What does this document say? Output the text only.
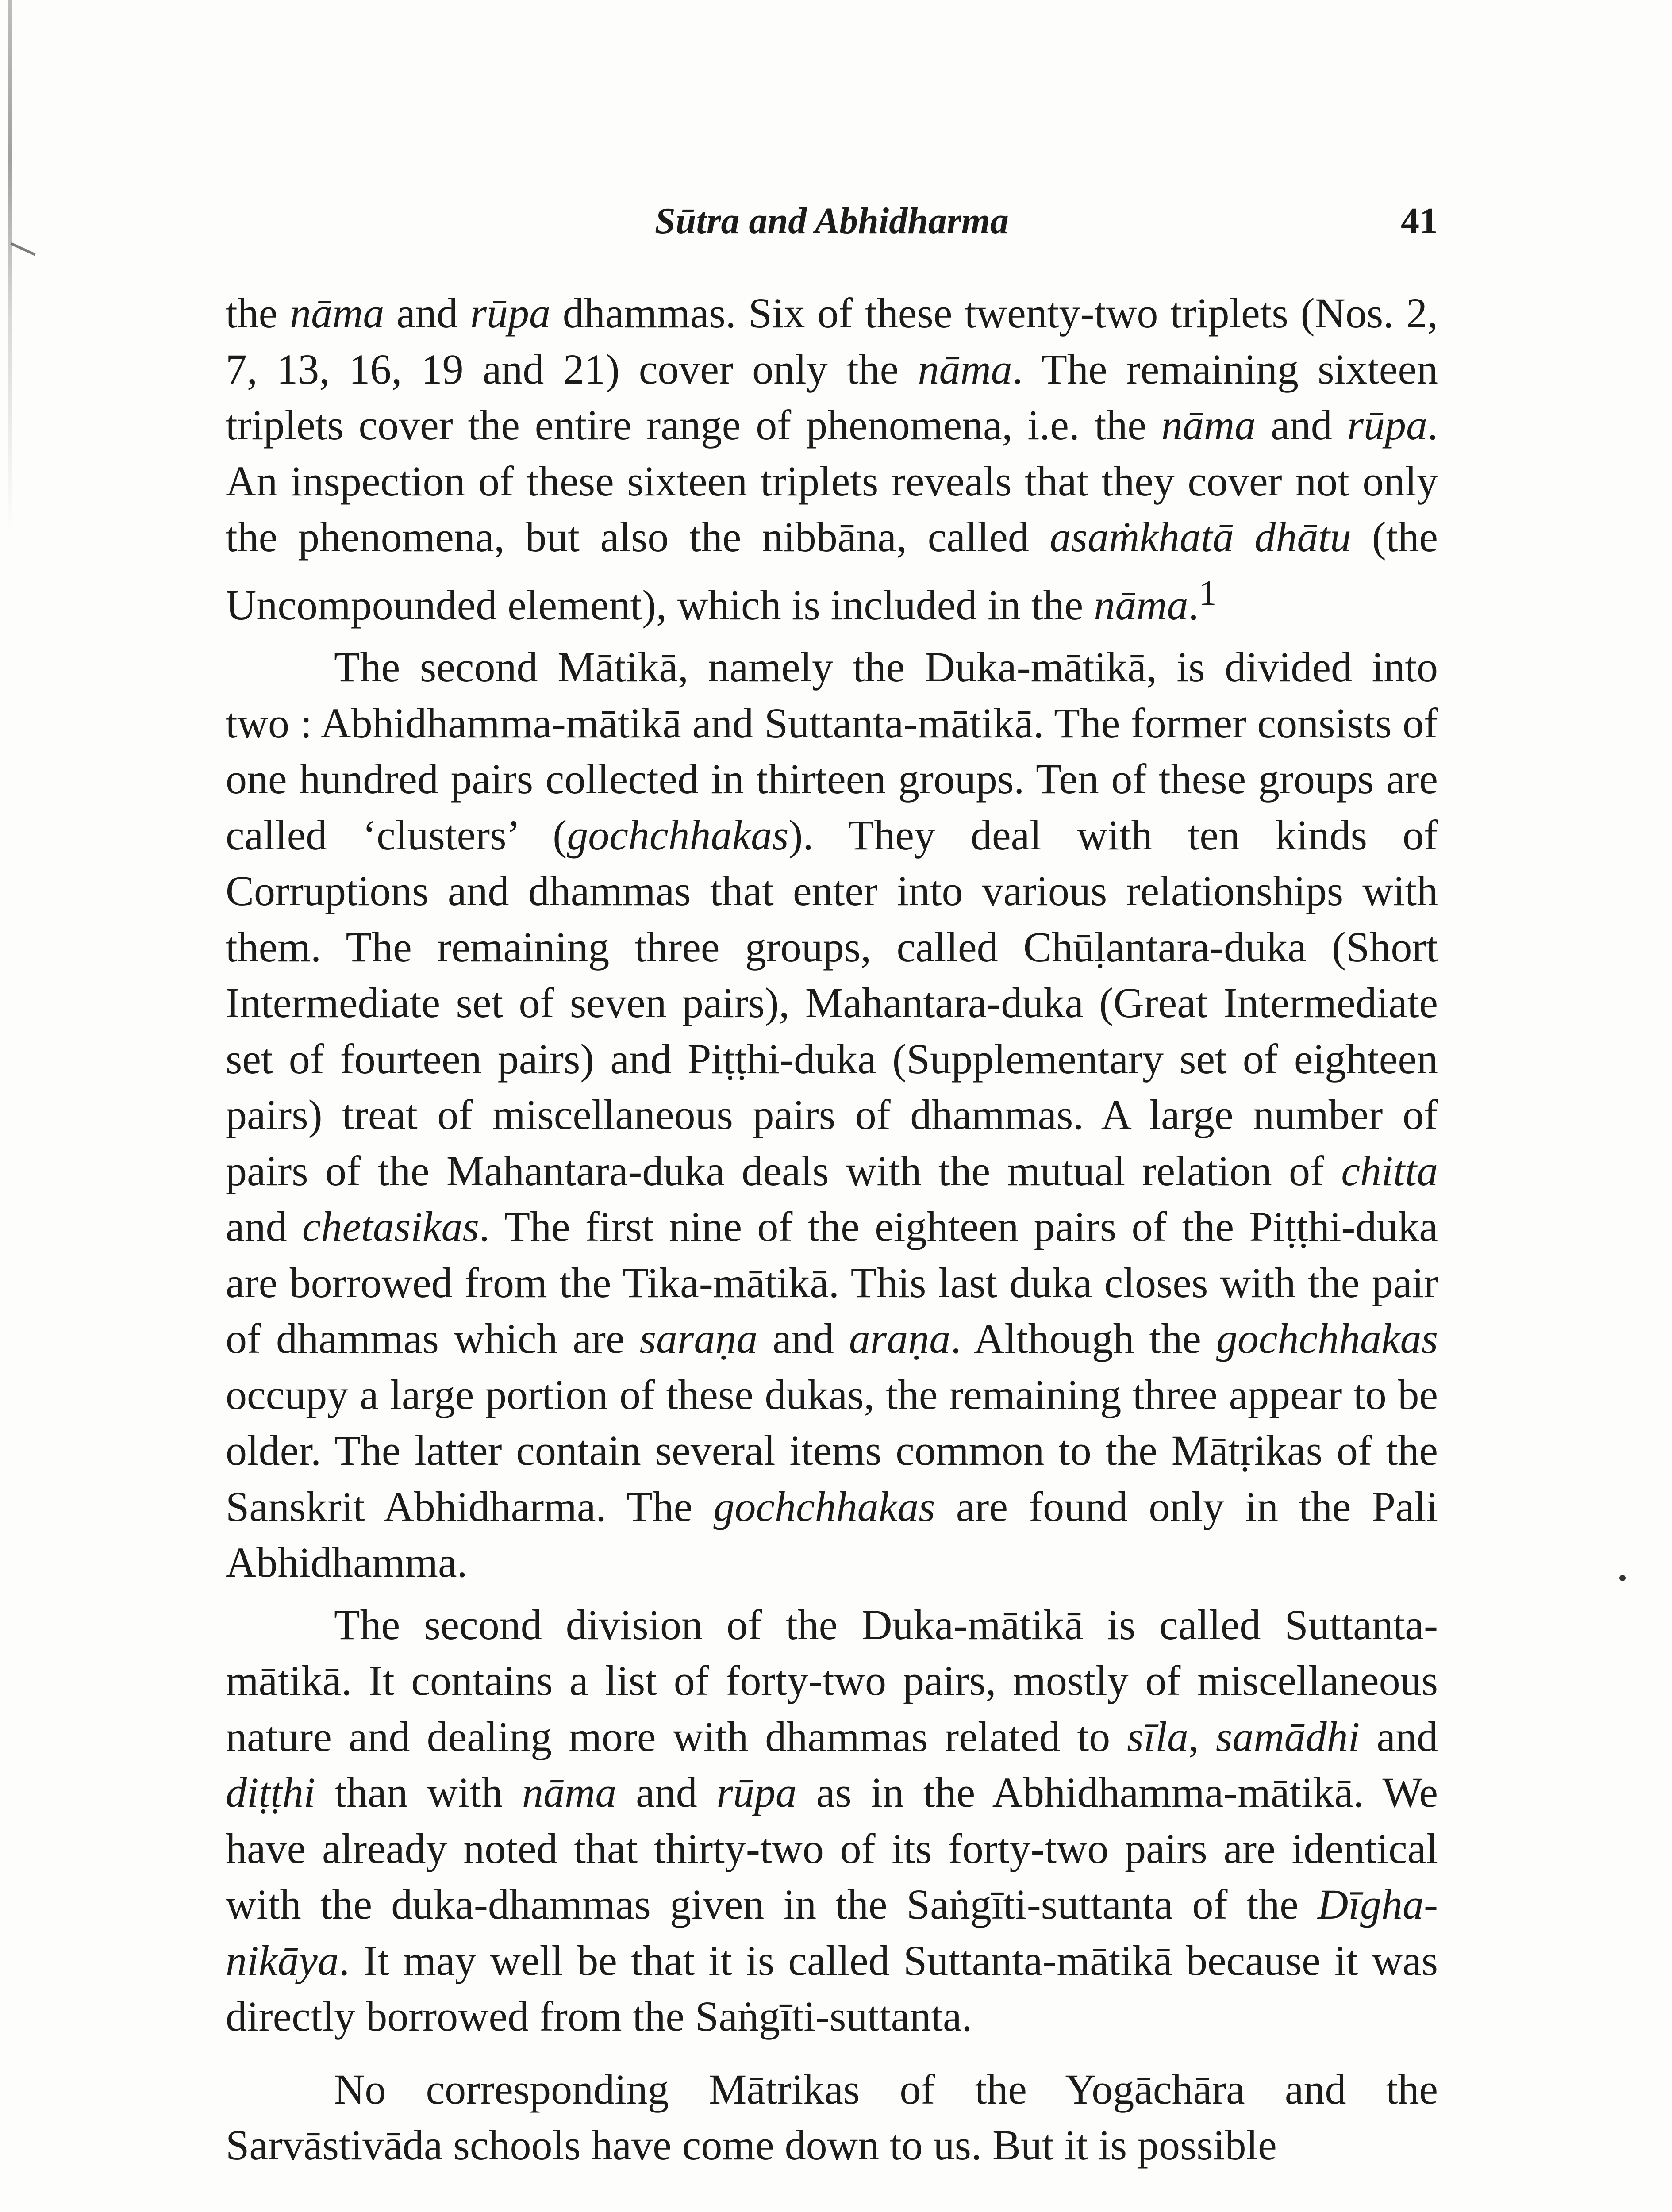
Sūtra and Abhidharma	41

the nāma and rūpa dhammas. Six of these twenty-two triplets (Nos. 2, 7, 13, 16, 19 and 21) cover only the nāma. The remaining sixteen triplets cover the entire range of phenomena, i.e. the nāma and rūpa. An inspection of these sixteen triplets reveals that they cover not only the phenomena, but also the nibbāna, called asaṁkhatā dhātu (the Uncompounded element), which is included in the nāma.$^1$

The second Mātikā, namely the Duka-mātikā, is divided into two : Abhidhamma-mātikā and Suttanta-mātikā. The former consists of one hundred pairs collected in thirteen groups. Ten of these groups are called ‘clusters’ (gochchhakas). They deal with ten kinds of Corruptions and dhammas that enter into various relationships with them. The remaining three groups, called Chūḷantara-duka (Short Intermediate set of seven pairs), Mahantara-duka (Great Intermediate set of fourteen pairs) and Piṭṭhi-duka (Supplementary set of eighteen pairs) treat of miscellaneous pairs of dhammas. A large number of pairs of the Mahantara-duka deals with the mutual relation of chitta and chetasikas. The first nine of the eighteen pairs of the Piṭṭhi-duka are borrowed from the Tika-mātikā. This last duka closes with the pair of dhammas which are saraṇa and araṇa. Although the gochchhakas occupy a large portion of these dukas, the remaining three appear to be older. The latter contain several items common to the Mātṛikas of the Sanskrit Abhidharma. The gochchhakas are found only in the Pali Abhidhamma.

The second division of the Duka-mātikā is called Suttanta-mātikā. It contains a list of forty-two pairs, mostly of miscellaneous nature and dealing more with dhammas related to sīla, samādhi and diṭṭhi than with nāma and rūpa as in the Abhidhamma-mātikā. We have already noted that thirty-two of its forty-two pairs are identical with the duka-dhammas given in the Saṅgīti-suttanta of the Dīgha-nikāya. It may well be that it is called Suttanta-mātikā because it was directly borrowed from the Saṅgīti-suttanta.

No corresponding Mātrikas of the Yogāchāra and the Sarvāstivāda schools have come down to us. But it is possible
